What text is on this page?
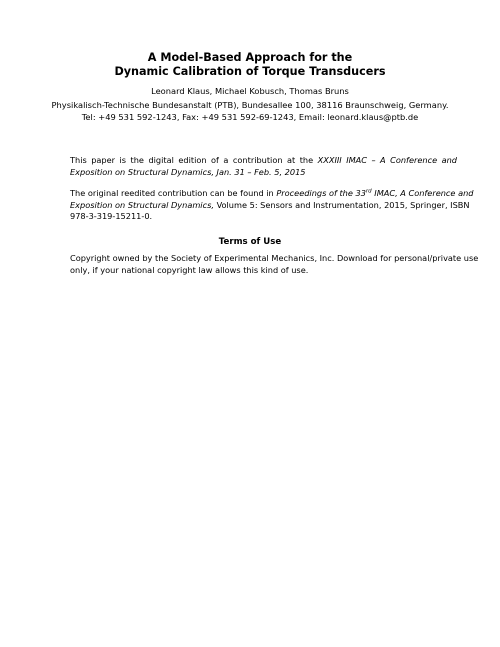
A Model-Based Approach for the
Dynamic Calibration of Torque Transducers
Leonard Klaus, Michael Kobusch, Thomas Bruns
Physikalisch-Technische Bundesanstalt (PTB), Bundesallee 100, 38116 Braunschweig, Germany.
Tel: +49 531 592-1243, Fax: +49 531 592-69-1243, Email: leonard.klaus@ptb.de
This paper is the digital edition of a contribution at the XXXIII IMAC – A Conference and
Exposition on Structural Dynamics, Jan. 31 – Feb. 5, 2015
The original reedited contribution can be found in Proceedings of the 33rd IMAC, A Conference and
Exposition on Structural Dynamics, Volume 5: Sensors and Instrumentation, 2015, Springer, ISBN
978-3-319-15211-0.
Terms of Use
Copyright owned by the Society of Experimental Mechanics, Inc. Download for personal/private use
only, if your national copyright law allows this kind of use.
